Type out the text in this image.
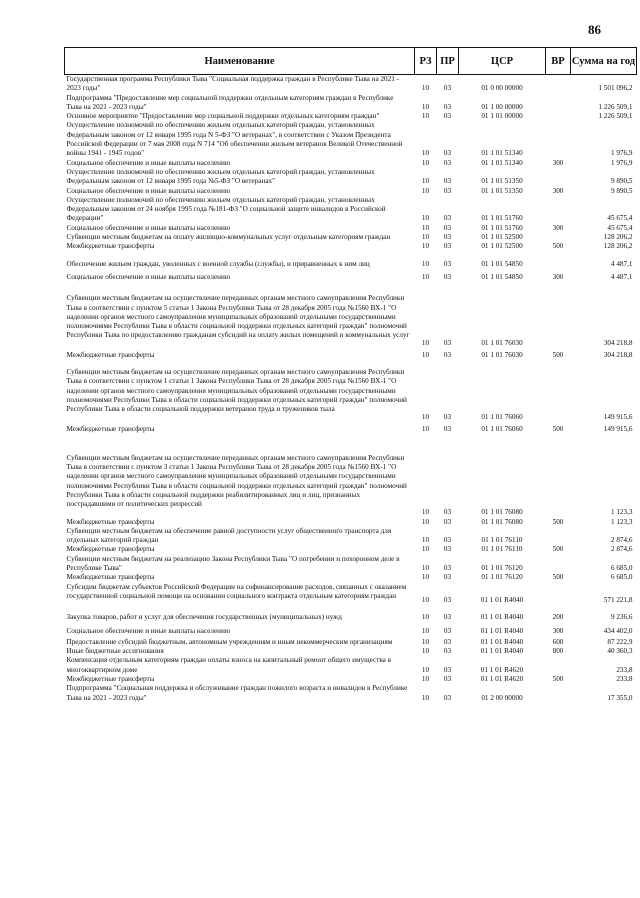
86
Наименование	РЗ	ПР	ЦСР	ВР	Сумма на год
Государственная программа Республики Тыва "Социальная поддержка граждан в Республике Тыва на 2021 - 2023 годы"	10	03	01 0 00 00000		1 501 096,2
Подпрограмма "Предоставление мер социальной поддержки отдельным категориям граждан в Республике Тыва на 2021 - 2023 годы"	10	03	01 1 00 00000		1 226 509,1
Основное мероприятие "Предоставление мер социальной поддержки отдельных категориям граждан"	10	03	01 1 01 00000		1 226 509,1
Осуществление полномочий по обеспечению жильем отдельных категорий граждан, установленных Федеральным законом от 12 января 1995 года N 5-ФЗ "О ветеранах", в соответствии с Указом Президента Российской Федерации от 7 мая 2008 года N 714 "Об обеспечении жильем ветеранов Великой Отечественной войны 1941 - 1945 годов"	10	03	01 1 01 51340		1 976,9
Социальное обеспечение и иные выплаты населению	10	03	01 1 01 51340	300	1 976,9
Осуществление полномочий по обеспечению жильем отдельных категорий граждан, установленных Федеральным законом от 12 января 1995 года №5-ФЗ "О ветеранах"	10	03	01 1 01 51350		9 890,5
Социальное обеспечение и иные выплаты населению	10	03	01 1 01 51350	300	9 890,5
Осуществление полномочий по обеспечению жильем отдельных категорий граждан, установленных Федеральным законом от 24 ноября 1995 года №181-ФЗ "О социальной защите инвалидов в Российской Федерации"	10	03	01 1 01 51760		45 675,4
Социальное обеспечение и иные выплаты населению	10	03	01 1 01 51760	300	45 675,4
Субвенции местным бюджетам на оплату жилищно-коммунальных услуг отдельным категориям граждан	10	03	01 1 01 52500		128 206,2
Межбюджетные трансферты	10	03	01 1 01 52500	500	128 206,2

Обеспечение жильем граждан, уволенных с военной службы (службы), и приравненных к ним лиц	10	03	01 1 01 54850		4 487,1

Социальное обеспечение и иные выплаты населению	10	03	01 1 01 54850	300	4 487,1

Субвенции местным бюджетам на осуществление переданных органам местного самоуправления Республики Тыва в соответствии с пунктом 5 статьи 1 Закона Республики Тыва от 28 декабря 2005 года №1560 ВХ-1 "О наделении органов местного самоуправления муниципальных образований отдельными государственными полномочиями Республики Тыва в области социальной поддержки отдельных категорий граждан" полномочий Республики Тыва по предоставлению гражданам субсидий на оплату жилых помещений и коммунальных услуг	10	03	01 1 01 76030		304 218,8

Межбюджетные трансферты	10	03	01 1 01 76030	500	304 218,8

Субвенции местным бюджетам на осуществление переданных органам местного самоуправления Республики Тыва в соответствии с пунктом 1 статьи 1 Закона Республики Тыва от 28 декабря 2005 года №1560 ВХ-1 "О наделении органов местного самоуправления муниципальных образований отдельными государственными полномочиями Республики Тыва в области социальной поддержки отдельных категорий граждан" полномочий Республики Тыва в области социальной поддержки ветеранов труда и тружеников тыла	10	03	01 1 01 76060		149 915,6

Межбюджетные трансферты	10	03	01 1 01 76060	500	149 915,6

Субвенции местным бюджетам на осуществление переданных органам местного самоуправления Республики Тыва в соответствии с пунктом 3 статьи 1 Закона Республики Тыва от 28 декабря 2005 года №1560 ВХ-1 "О наделении органов местного самоуправления муниципальных образований отдельными государственными полномочиями Республики Тыва в области социальной поддержки отдельных категорий граждан" полномочий Республики Тыва в области социальной поддержки реабилитированных лиц и лиц, признанных пострадавшими от политических репрессий	10	03	01 1 01 76080		1 123,3
Межбюджетные трансферты	10	03	01 1 01 76080	500	1 123,3
Субвенции местным бюджетам на обеспечение равной доступности услуг общественного транспорта для отдельных категорий граждан	10	03	01 1 01 76110		2 874,6
Межбюджетные трансферты	10	03	01 1 01 76110	500	2 874,6
Субвенции местным бюджетам на реализацию Закона Республики Тыва "О погребении и похоронном деле в Республике Тыва"	10	03	01 1 01 76120		6 685,0
Межбюджетные трансферты	10	03	01 1 01 76120	500	6 685,0
Субсидии бюджетам субъектов Российской Федерации на софинансирование расходов, связанных с оказанием государственной социальной помощи на основании социального контракта отдельным категориям граждан	10	03	01 1 01 R4040		571 221,8

Закупка товаров, работ и услуг для обеспечения государственных (муниципальных) нужд	10	03	01 1 01 R4040	200	9 236,6

Социальное обеспечение и иные выплаты населению	10	03	01 1 01 R4040	300	434 402,0

Предоставление субсидий бюджетным, автономным учреждениям и иным некоммерческим организациям	10	03	01 1 01 R4040	600	87 222,9
Иные бюджетные ассигнования	10	03	01 1 01 R4040	800	40 360,3
Компенсация отдельным категориям граждан оплаты взноса на капитальный ремонт общего имущества в многоквартирном доме	10	03	01 1 01 R4620		233,8
Межбюджетные трансферты	10	03	01 1 01 R4620	500	233,8
Подпрограмма "Социальная поддержка и обслуживание граждан пожилого возраста и инвалидов в Республике Тыва на 2021 - 2023 годы"	10	03	01 2 00 00000		17 355,0
